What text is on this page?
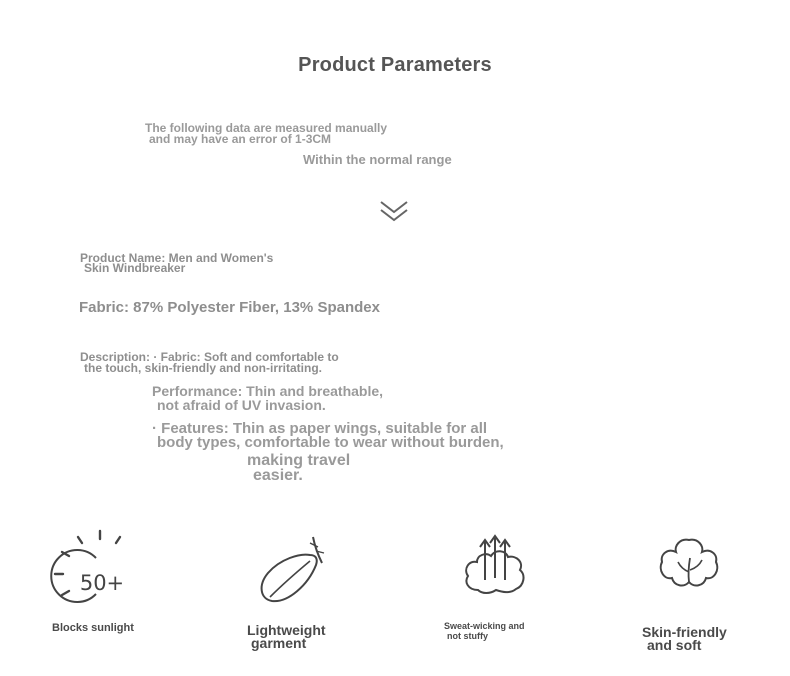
Product Parameters
The following data are measured manually
and may have an error of 1-3CM
Within the normal range
Product Name: Men and Women's
Skin Windbreaker
Fabric: 87% Polyester Fiber, 13% Spandex
Description: · Fabric: Soft and comfortable to
the touch, skin-friendly and non-irritating.
Performance: Thin and breathable,
not afraid of UV invasion.
· Features: Thin as paper wings, suitable for all
body types, comfortable to wear without burden,
making travel
easier.
50+
Blocks sunlight	Lightweight
garment
Sweat-wicking and
not stuffy	Skin-friendly
and soft
